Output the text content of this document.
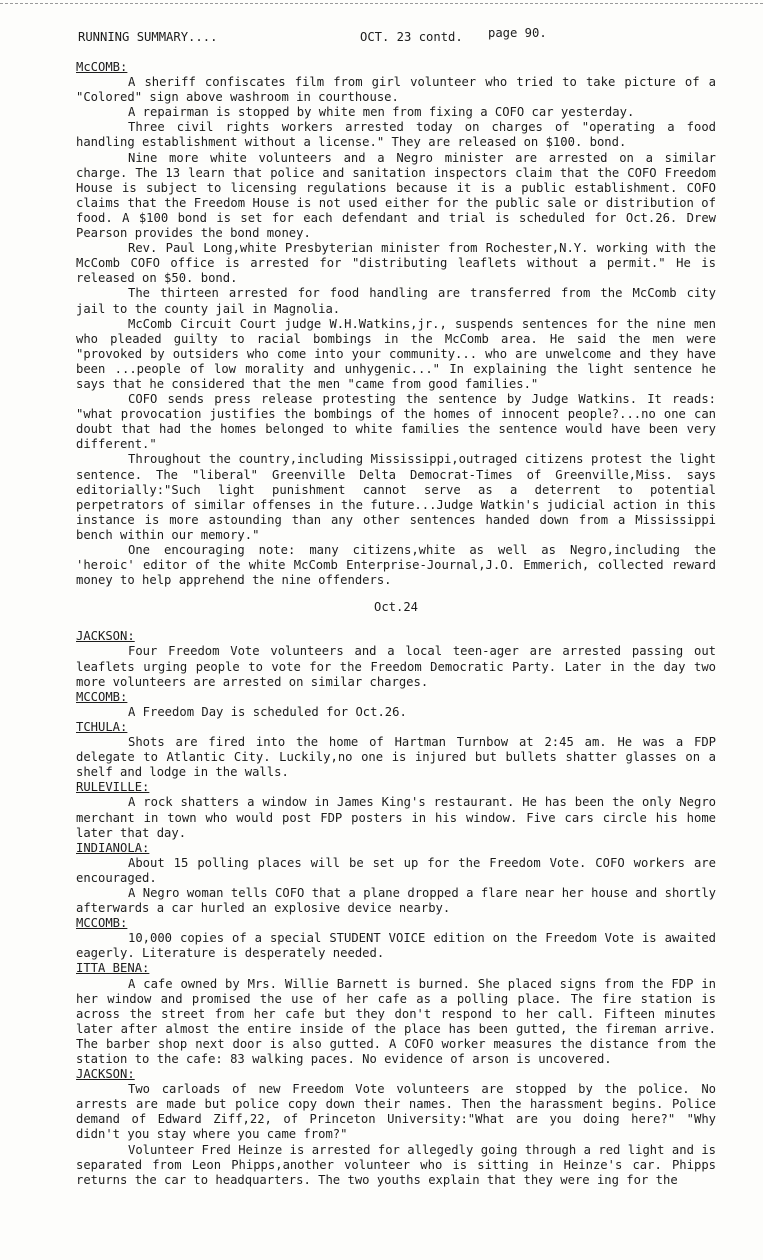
RUNNING SUMMARY....	OCT. 23 contd. page 90.
McCOMB:

A sheriff confiscates film from girl volunteer who tried to take picture of a "Colored" sign above washroom in courthouse.

A repairman is stopped by white men from fixing a COFO car yesterday.

Three civil rights workers arrested today on charges of "operating a food handling establishment without a license." They are released on $100. bond.

Nine more white volunteers and a Negro minister are arrested on a similar charge. The 13 learn that police and sanitation inspectors claim that the COFO Freedom House is subject to licensing regulations because it is a public establishment. COFO claims that the Freedom House is not used either for the public sale or distribution of food. A $100 bond is set for each defendant and trial is scheduled for Oct.26. Drew Pearson provides the bond money.

Rev. Paul Long,white Presbyterian minister from Rochester,N.Y. working with the McComb COFO office is arrested for "distributing leaflets without a permit." He is released on $50. bond.

The thirteen arrested for food handling are transferred from the McComb city jail to the county jail in Magnolia.

McComb Circuit Court judge W.H.Watkins,jr., suspends sentences for the nine men who pleaded guilty to racial bombings in the McComb area. He said the men were "provoked by outsiders who come into your community... who are unwelcome and they have been ...people of low morality and unhygenic..." In explaining the light sentence he says that he considered that the men "came from good families."

COFO sends press release protesting the sentence by Judge Watkins. It reads: "what provocation justifies the bombings of the homes of innocent people?...no one can doubt that had the homes belonged to white families the sentence would have been very different."

Throughout the country,including Mississippi,outraged citizens protest the light sentence. The "liberal" Greenville Delta Democrat-Times of Greenville,Miss. says editorially:"Such light punishment cannot serve as a deterrent to potential perpetrators of similar offenses in the future...Judge Watkin's judicial action in this instance is more astounding than any other sentences handed down from a Mississippi bench within our memory."

One encouraging note: many citizens,white as well as Negro,including the 'heroic' editor of the white McComb Enterprise-Journal,J.O. Emmerich, collected reward money to help apprehend the nine offenders.

Oct.24
JACKSON:

Four Freedom Vote volunteers and a local teen-ager are arrested passing out leaflets urging people to vote for the Freedom Democratic Party. Later in the day two more volunteers are arrested on similar charges.

MCCOMB:

A Freedom Day is scheduled for Oct.26.

TCHULA:

Shots are fired into the home of Hartman Turnbow at 2:45 am. He was a FDP delegate to Atlantic City. Luckily,no one is injured but bullets shatter glasses on a shelf and lodge in the walls.

RULEVILLE:

A rock shatters a window in James King's restaurant. He has been the only Negro merchant in town who would post FDP posters in his window. Five cars circle his home later that day.

INDIANOLA:

About 15 polling places will be set up for the Freedom Vote. COFO workers are encouraged.

A Negro woman tells COFO that a plane dropped a flare near her house and shortly afterwards a car hurled an explosive device nearby.

MCCOMB:

10,000 copies of a special STUDENT VOICE edition on the Freedom Vote is awaited eagerly. Literature is desperately needed.

ITTA BENA:

A cafe owned by Mrs. Willie Barnett is burned. She placed signs from the FDP in her window and promised the use of her cafe as a polling place. The fire station is across the street from her cafe but they don't respond to her call. Fifteen minutes later after almost the entire inside of the place has been gutted, the fireman arrive. The barber shop next door is also gutted. A COFO worker measures the distance from the station to the cafe: 83 walking paces. No evidence of arson is uncovered.

JACKSON:

Two carloads of new Freedom Vote volunteers are stopped by the police. No arrests are made but police copy down their names. Then the harassment begins. Police demand of Edward Ziff,22, of Princeton University:"What are you doing here?" "Why didn't you stay where you came from?"

Volunteer Fred Heinze is arrested for allegedly going through a red light and is separated from Leon Phipps,another volunteer who is sitting in Heinze's car. Phipps returns the car to headquarters. The two youths explain that they were ing for the
